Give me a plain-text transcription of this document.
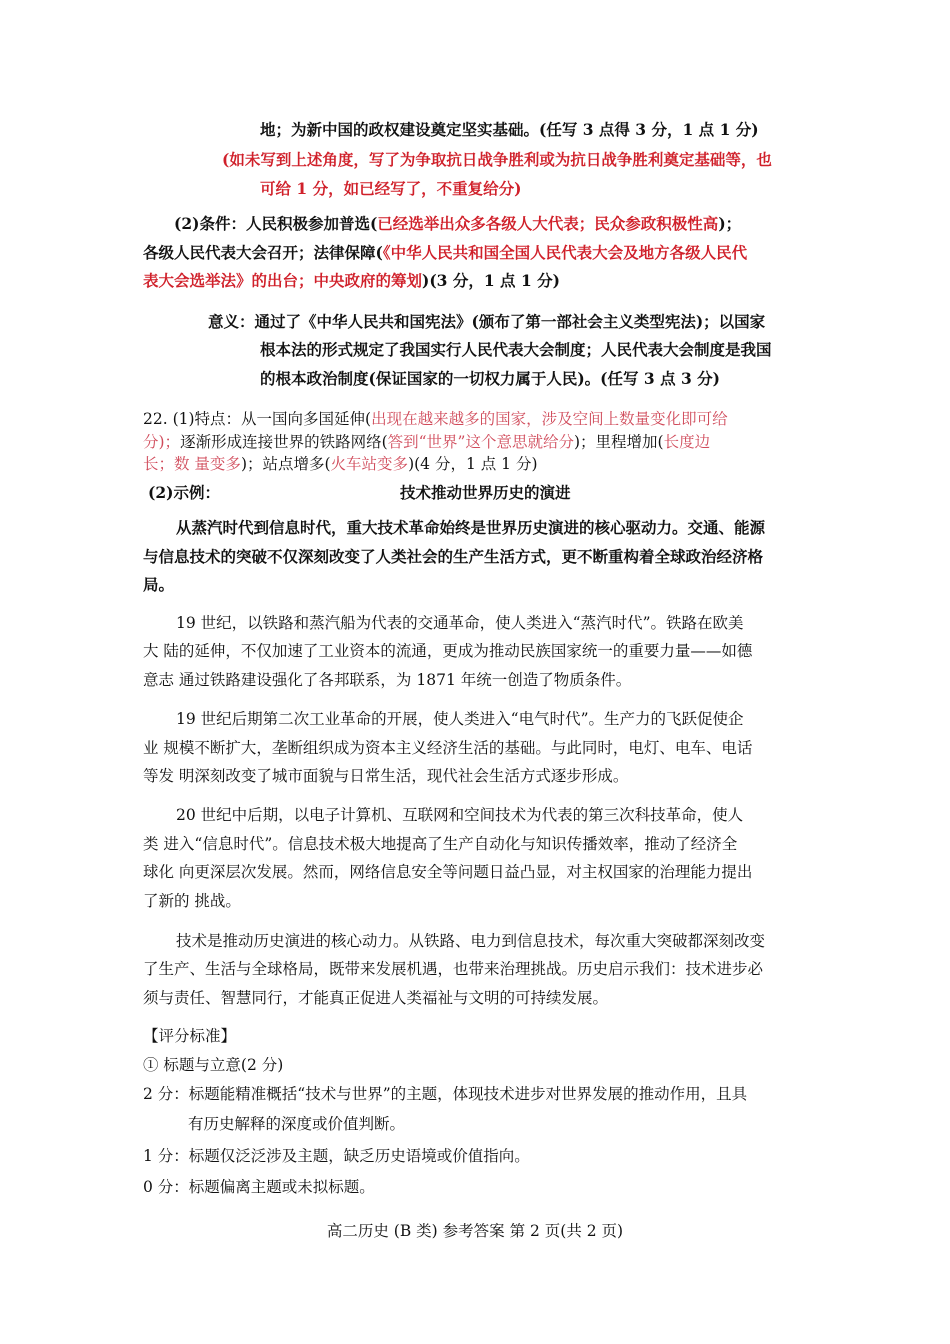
地；为新中国的政权建设奠定坚实基础。(任写 3 点得 3 分，1 点 1 分)
(如未写到上述角度，写了为争取抗日战争胜利或为抗日战争胜利奠定基础等，也
可给 1 分，如已经写了，不重复给分)
(2)条件：人民积极参加普选(已经选举出众多各级人大代表；民众参政积极性高)；
各级人民代表大会召开；法律保障(《中华人民共和国全国人民代表大会及地方各级人民代
表大会选举法》的出台；中央政府的筹划)(3 分，1 点 1 分)
意义：通过了《中华人民共和国宪法》(颁布了第一部社会主义类型宪法)；以国家
根本法的形式规定了我国实行人民代表大会制度；人民代表大会制度是我国
的根本政治制度(保证国家的一切权力属于人民)。(任写 3 点 3 分)
22. (1)特点：从一国向多国延伸(出现在越来越多的国家，涉及空间上数量变化即可给
分)；逐渐形成连接世界的铁路网络(答到“世界”这个意思就给分)；里程增加(长度边
长；数 量变多)；站点增多(火车站变多)(4 分，1 点 1 分)
(2)示例：	技术推动世界历史的演进
从蒸汽时代到信息时代，重大技术革命始终是世界历史演进的核心驱动力。交通、能源
与信息技术的突破不仅深刻改变了人类社会的生产生活方式，更不断重构着全球政治经济格
局。
19 世纪，以铁路和蒸汽船为代表的交通革命，使人类进入“蒸汽时代”。铁路在欧美
大 陆的延伸，不仅加速了工业资本的流通，更成为推动民族国家统一的重要力量——如德
意志 通过铁路建设强化了各邦联系，为 1871 年统一创造了物质条件。
19 世纪后期第二次工业革命的开展，使人类进入“电气时代”。生产力的飞跃促使企
业 规模不断扩大，垄断组织成为资本主义经济生活的基础。与此同时，电灯、电车、电话
等发 明深刻改变了城市面貌与日常生活，现代社会生活方式逐步形成。
20 世纪中后期，以电子计算机、互联网和空间技术为代表的第三次科技革命，使人
类 进入“信息时代”。信息技术极大地提高了生产自动化与知识传播效率，推动了经济全
球化 向更深层次发展。然而，网络信息安全等问题日益凸显，对主权国家的治理能力提出
了新的 挑战。
技术是推动历史演进的核心动力。从铁路、电力到信息技术，每次重大突破都深刻改变
了生产、生活与全球格局，既带来发展机遇，也带来治理挑战。历史启示我们：技术进步必
须与责任、智慧同行，才能真正促进人类福祉与文明的可持续发展。
【评分标准】
① 标题与立意(2 分)
2 分：标题能精准概括“技术与世界”的主题，体现技术进步对世界发展的推动作用，且具
有历史解释的深度或价值判断。
1 分：标题仅泛泛涉及主题，缺乏历史语境或价值指向。
0 分：标题偏离主题或未拟标题。
高二历史 (B 类) 参考答案 第 2 页(共 2 页)
